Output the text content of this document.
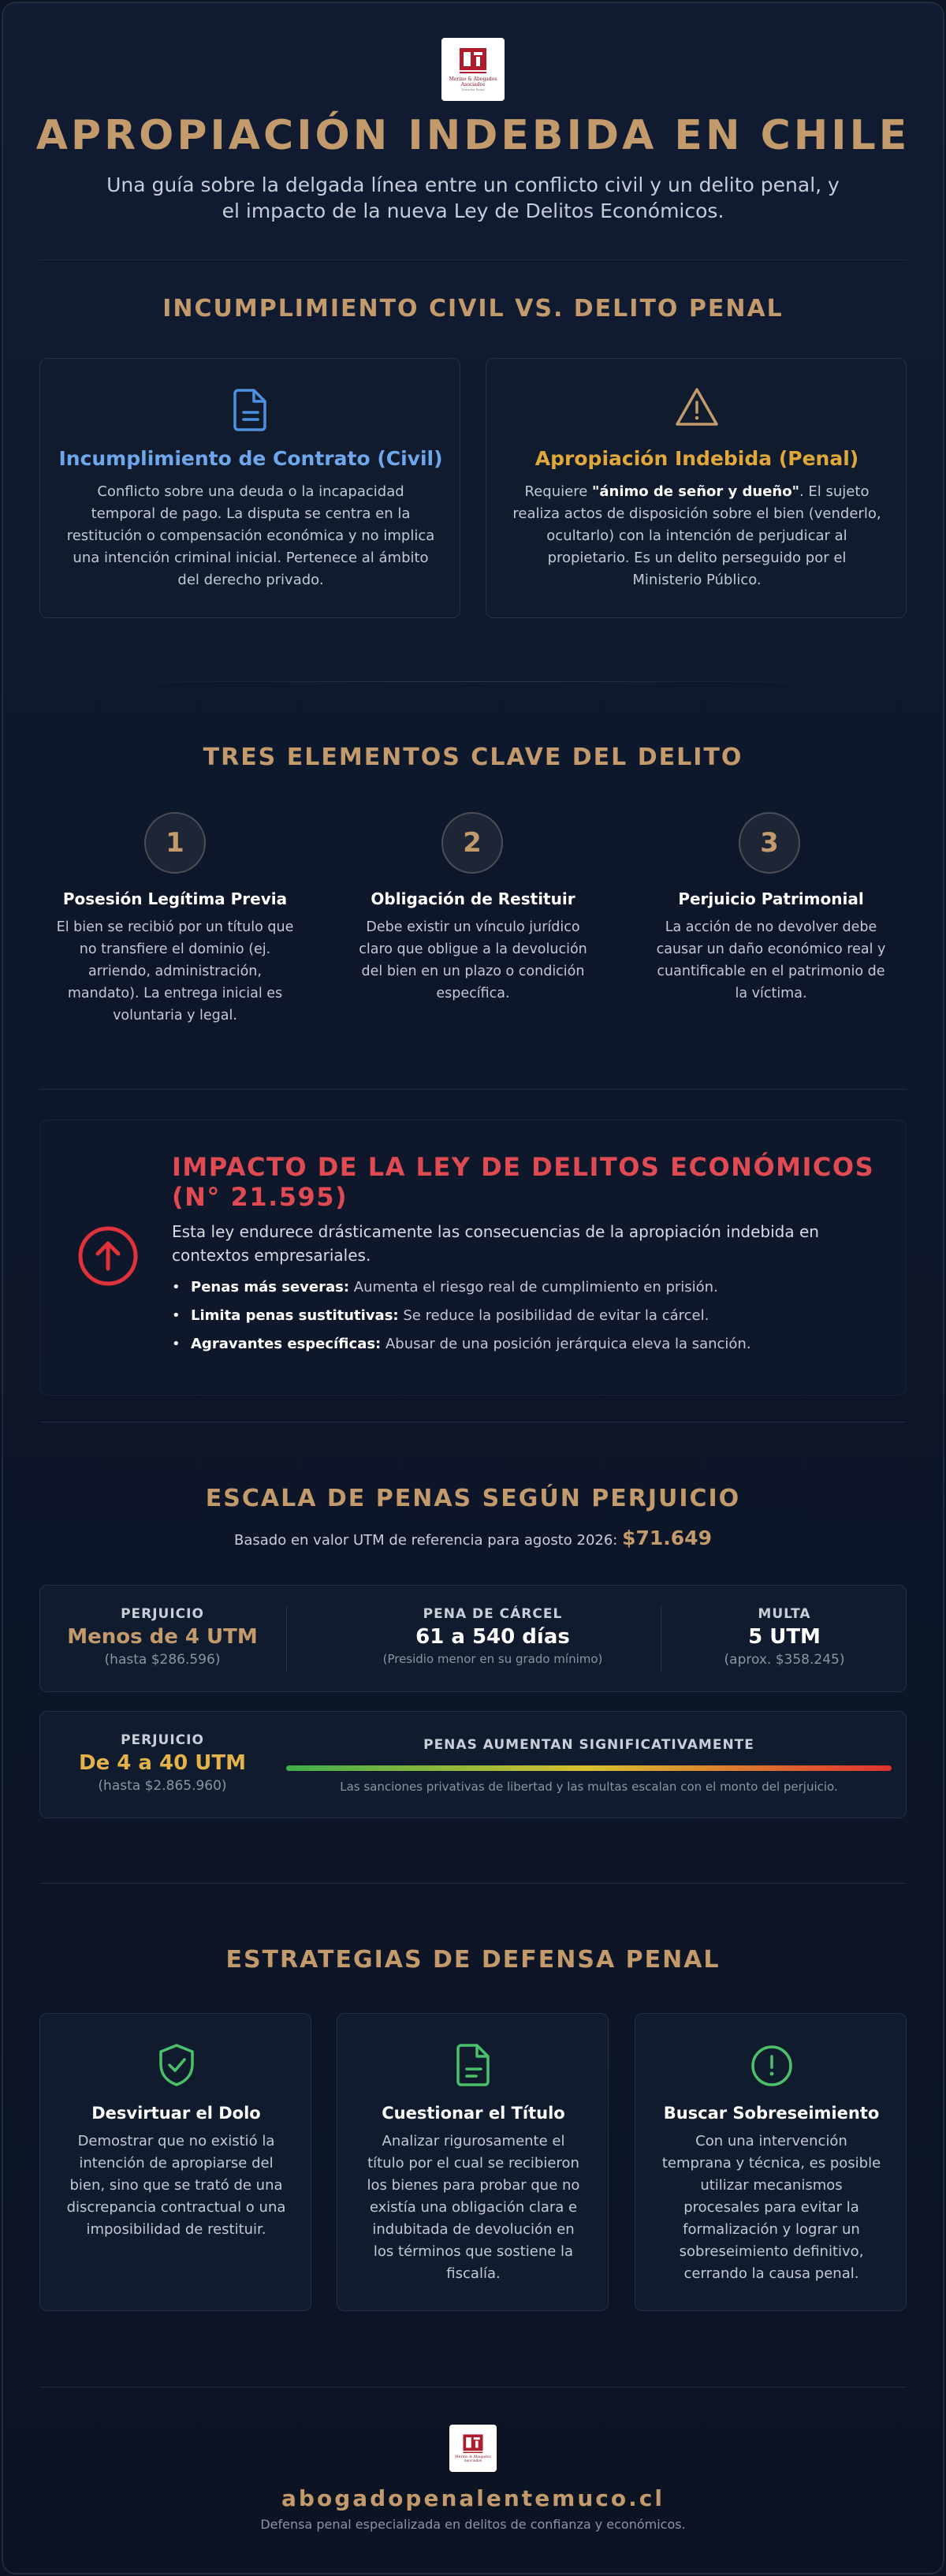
Merino & Abogados Asociados
Derecho Penal
APROPIACIÓN INDEBIDA EN CHILE
Una guía sobre la delgada línea entre un conflicto civil y un delito penal, y
el impacto de la nueva Ley de Delitos Económicos.
INCUMPLIMIENTO CIVIL VS. DELITO PENAL
Incumplimiento de Contrato (Civil)
Conflicto sobre una deuda o la incapacidad
temporal de pago. La disputa se centra en la
restitución o compensación económica y no implica
una intención criminal inicial. Pertenece al ámbito
del derecho privado.
Apropiación Indebida (Penal)
Requiere "ánimo de señor y dueño". El sujeto
realiza actos de disposición sobre el bien (venderlo,
ocultarlo) con la intención de perjudicar al
propietario. Es un delito perseguido por el
Ministerio Público.
TRES ELEMENTOS CLAVE DEL DELITO
1	2	3
Posesión Legítima Previa	Obligación de Restituir	Perjuicio Patrimonial
El bien se recibió por un título que
no transfiere el dominio (ej.
arriendo, administración,
mandato). La entrega inicial es
voluntaria y legal.
Debe existir un vínculo jurídico
claro que obligue a la devolución
del bien en un plazo o condición
específica.
La acción de no devolver debe
causar un daño económico real y
cuantificable en el patrimonio de
la víctima.
IMPACTO DE LA LEY DE DELITOS ECONÓMICOS
(N° 21.595)
Esta ley endurece drásticamente las consecuencias de la apropiación indebida en
contextos empresariales.
• Penas más severas: Aumenta el riesgo real de cumplimiento en prisión.
• Limita penas sustitutivas: Se reduce la posibilidad de evitar la cárcel.
• Agravantes específicas: Abusar de una posición jerárquica eleva la sanción.
ESCALA DE PENAS SEGÚN PERJUICIO
Basado en valor UTM de referencia para agosto 2026: $71.649
PERJUICIO
Menos de 4 UTM
(hasta $286.596)
PENA DE CÁRCEL
61 a 540 días
(Presidio menor en su grado mínimo)
MULTA
5 UTM
(aprox. $358.245)
PERJUICIO
De 4 a 40 UTM
(hasta $2.865.960)
PENAS AUMENTAN SIGNIFICATIVAMENTE
Las sanciones privativas de libertad y las multas escalan con el monto del perjuicio.
ESTRATEGIAS DE DEFENSA PENAL
Desvirtuar el Dolo
Demostrar que no existió la
intención de apropiarse del
bien, sino que se trató de una
discrepancia contractual o una
imposibilidad de restituir.
Cuestionar el Título
Analizar rigurosamente el
título por el cual se recibieron
los bienes para probar que no
existía una obligación clara e
indubitada de devolución en
los términos que sostiene la
fiscalía.
Buscar Sobreseimiento
Con una intervención
temprana y técnica, es posible
utilizar mecanismos
procesales para evitar la
formalización y lograr un
sobreseimiento definitivo,
cerrando la causa penal.
Merino & Abogados Asociados
abogadopenalentemuco.cl
Defensa penal especializada en delitos de confianza y económicos.
